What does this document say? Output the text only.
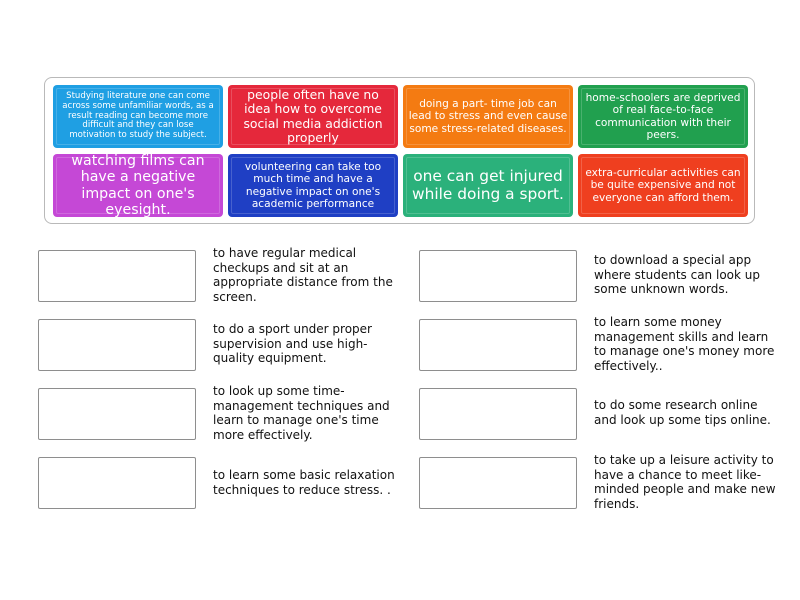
Studying literature one can come across some unfamiliar words, as a result reading can become more difficult and they can lose motivation to study the subject.
people often have no idea how to overcome social media addiction properly
doing a part- time job can lead to stress and even cause some stress-related diseases.
home-schoolers are deprived of real face-to-face communication with their peers.
watching films can have a negative impact on one's eyesight.
volunteering can take too much time and have a negative impact on one's academic performance
one can get injured while doing a sport.
extra-curricular activities can be quite expensive and not everyone can afford them.
to have regular medical checkups and sit at an appropriate distance from the screen.
to do a sport under proper supervision and use high-quality equipment.
to look up some time-management techniques and learn to manage one's time more effectively.
to learn some basic relaxation techniques to reduce stress. .
to download a special app where students can look up some unknown words.
to learn some money management skills and learn to manage one's money more effectively..
to do some research online and look up some tips online.
to take up a leisure activity to have a chance to meet like-minded people and make new friends.
